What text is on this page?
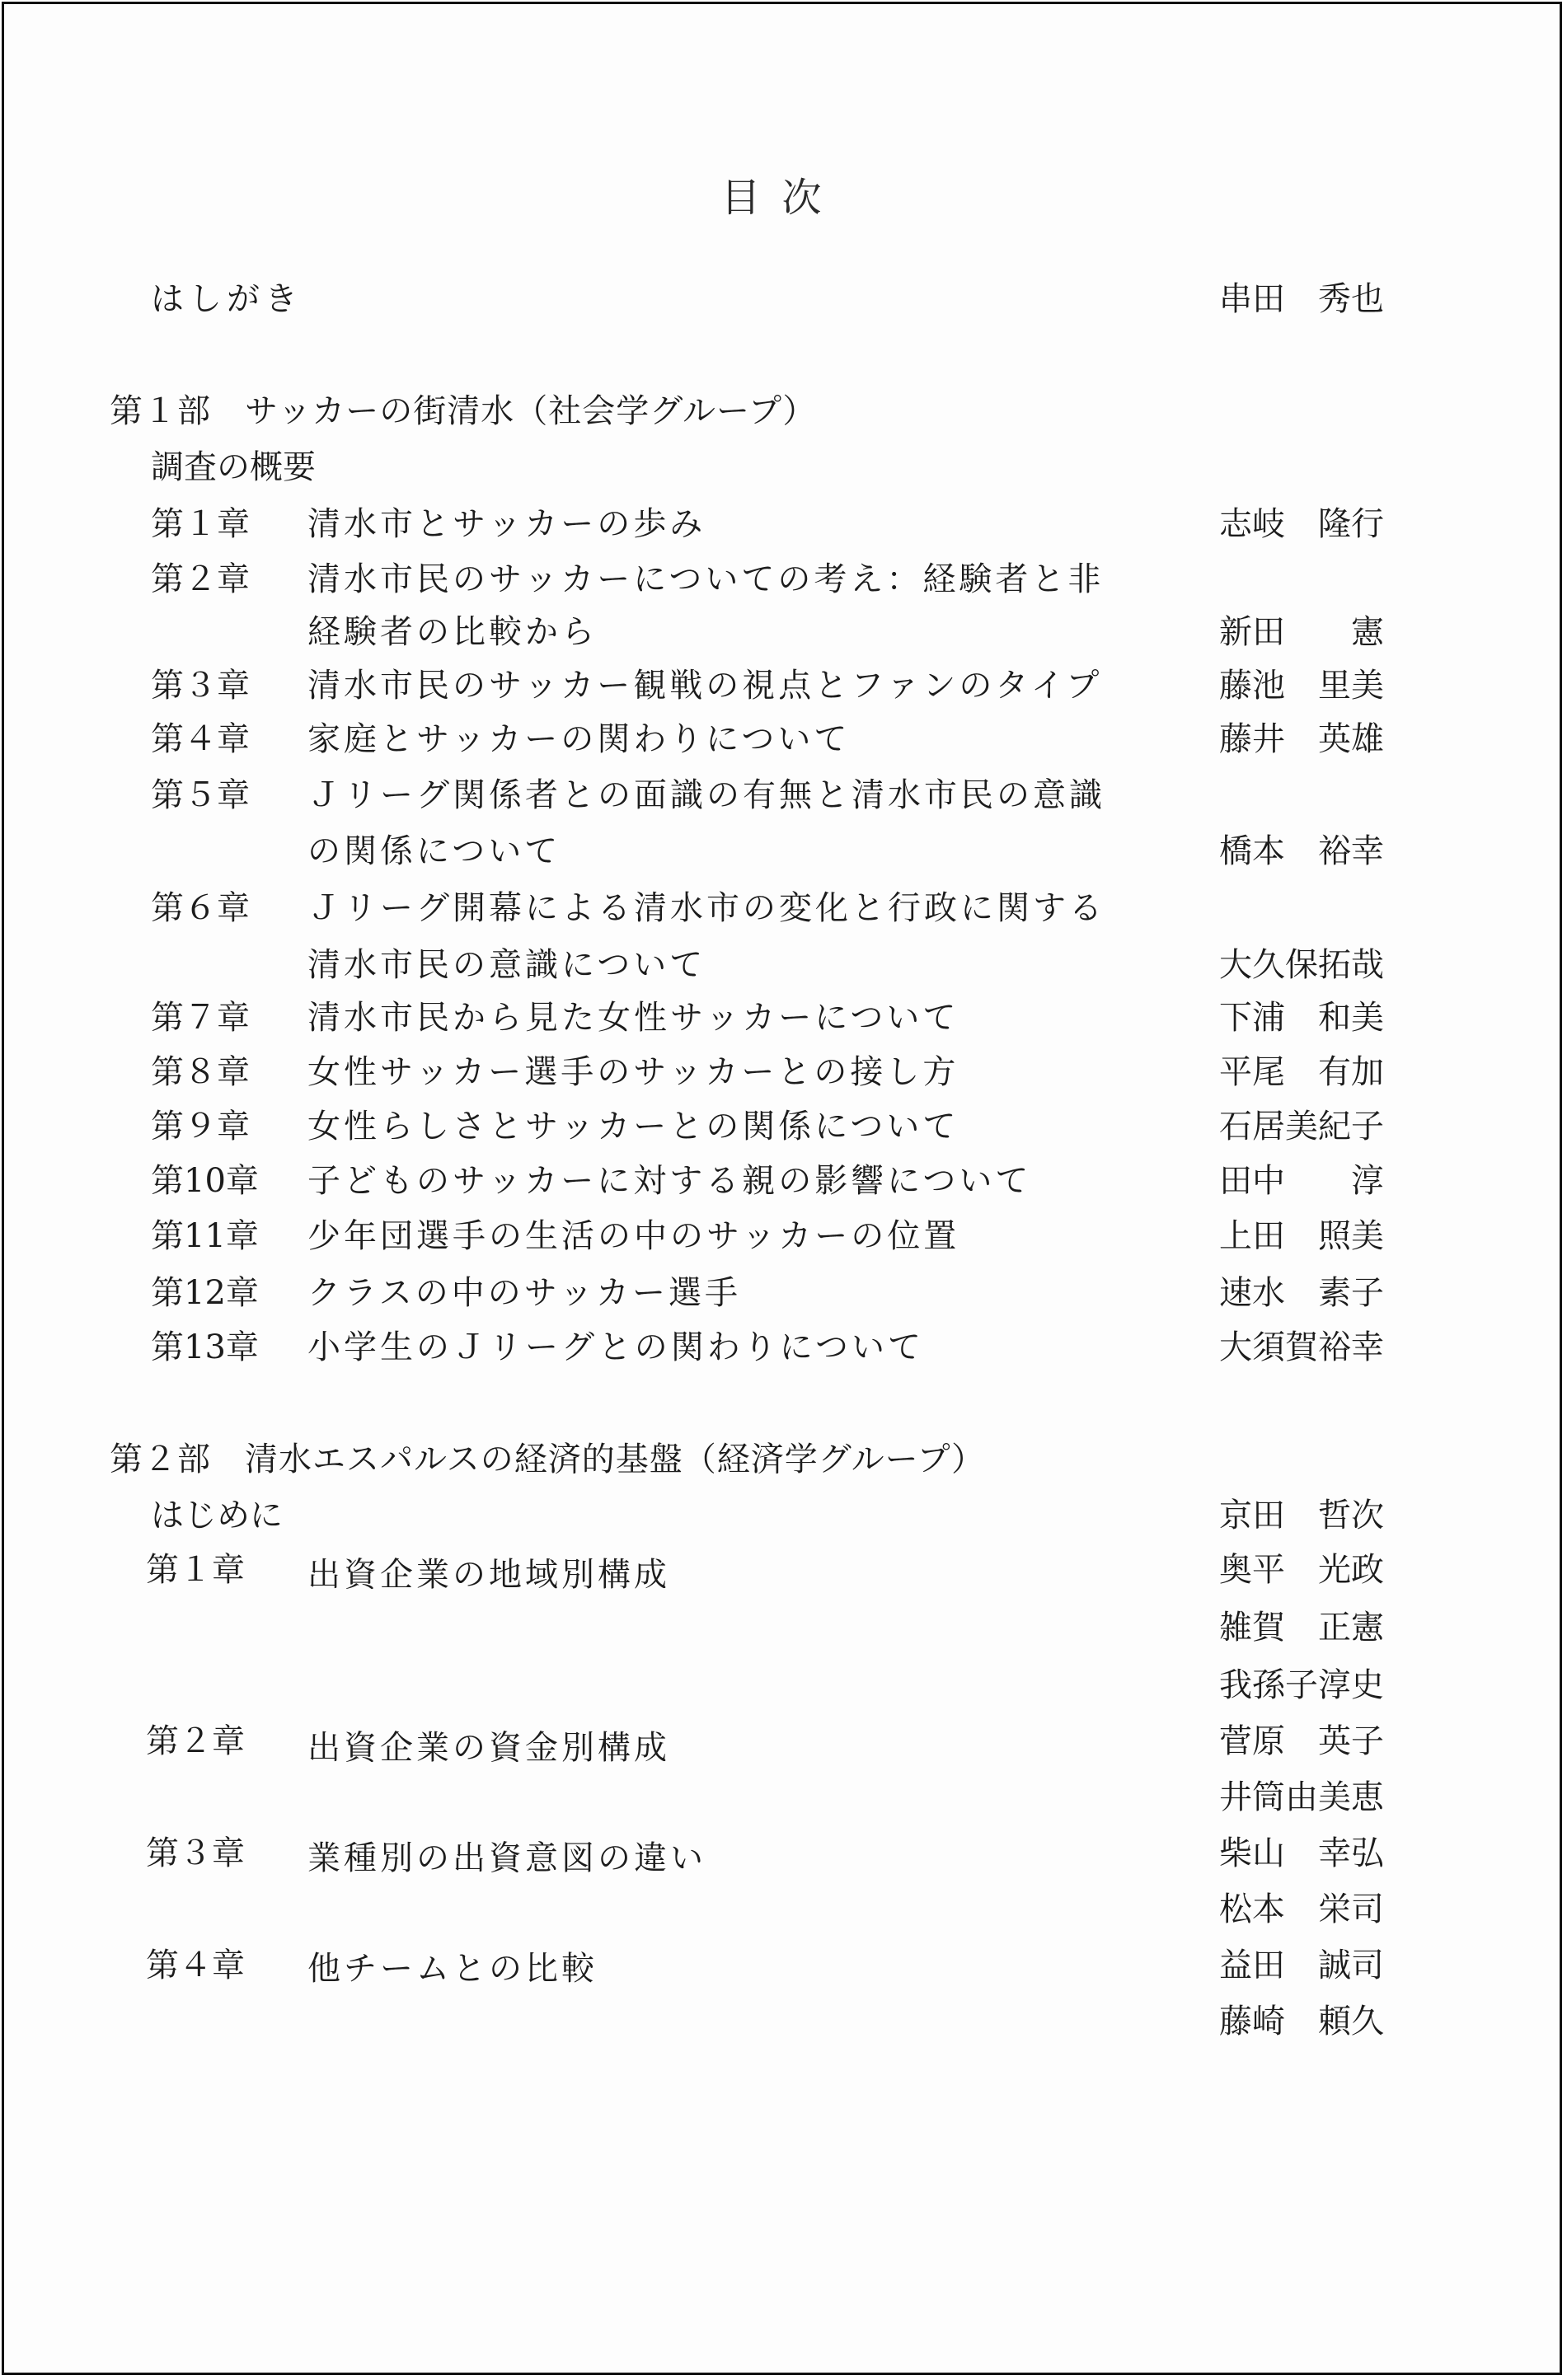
目次
はしがき	串田　秀也
第１部　サッカーの街清水（社会学グループ）
調査の概要
第１章 清水市とサッカーの歩み	志岐　隆行
第２章 清水市民のサッカーについての考え：経験者と非
経験者の比較から	新田　　憲
第３章 清水市民のサッカー観戦の視点とファンのタイプ	藤池　里美
第４章 家庭とサッカーの関わりについて	藤井　英雄
第５章 Ｊリーグ関係者との面識の有無と清水市民の意識
の関係について	橋本　裕幸
第６章 Ｊリーグ開幕による清水市の変化と行政に関する
清水市民の意識について	大久保拓哉
第７章 清水市民から見た女性サッカーについて	下浦　和美
第８章 女性サッカー選手のサッカーとの接し方	平尾　有加
第９章 女性らしさとサッカーとの関係について	石居美紀子
第10章 子どものサッカーに対する親の影響について	田中　　淳
第11章 少年団選手の生活の中のサッカーの位置	上田　照美
第12章 クラスの中のサッカー選手	速水　素子
第13章 小学生のＪリーグとの関わりについて	大須賀裕幸
第２部　清水エスパルスの経済的基盤（経済学グループ）
はじめに	京田　哲次
第１章 出資企業の地域別構成	奥平　光政
雑賀　正憲
我孫子淳史
第２章 出資企業の資金別構成	菅原　英子
井筒由美恵
第３章 業種別の出資意図の違い	柴山　幸弘
松本　栄司
第４章 他チームとの比較	益田　誠司
藤崎　頼久
